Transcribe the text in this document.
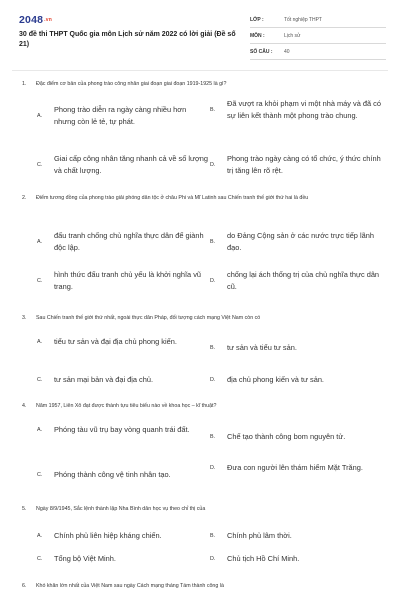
2048.vn
30 đề thi THPT Quốc gia môn Lịch sử năm 2022 có lời giải (Đề số 21)
LỚP :	Tốt nghiệp THPT
MÔN :	Lịch sử
SỐ CÂU : 40
1.	Đặc điểm cơ bản của phong trào công nhân giai đoạn giai đoạn 1919-1925 là gì?
A.
Phong trào diễn ra ngày càng nhiều hơn nhưng còn lẻ tẻ, tự phát.
B.
Đã vượt ra khỏi phạm vi một nhà máy và đã có sự liên kết thành một phong trào chung.
C.
Giai cấp công nhân tăng nhanh cả về số lượng và chất lượng.
D.
Phong trào ngày càng có tổ chức, ý thức chính trị tăng lên rõ rệt.
2.	Điểm tương đồng của phong trào giải phóng dân tộc ở châu Phi và Mĩ Latinh sau Chiến tranh thế giới thứ hai là đều
A.
đấu tranh chống chủ nghĩa thực dân để giành độc lập.
B.
do Đảng Cộng sản ở các nước trực tiếp lãnh đạo.
C.
hình thức đấu tranh chủ yếu là khởi nghĩa vũ trang.
D.
chống lại ách thống trị của chủ nghĩa thực dân cũ.
3.	Sau Chiến tranh thế giới thứ nhất, ngoài thực dân Pháp, đối tượng cách mạng Việt Nam còn có
A.	tiểu tư sản và đại địa chủ phong kiến.
B.	tư sản và tiểu tư sản.
C.	tư sản mại bản và đại địa chủ.	D.	địa chủ phong kiến và tư sản.
4.	Năm 1957, Liên Xô đạt được thành tựu tiêu biểu nào về khoa học – kĩ thuật?
A.	Phóng tàu vũ trụ bay vòng quanh trái đất.
B.	Chế tạo thành công bom nguyên tử.
C.	Phóng thành công vệ tinh nhân tạo.
D.	Đưa con người lên thám hiểm Mặt Trăng.
5.	Ngày 8/9/1945, Sắc lệnh thành lập Nha Bình dân học vụ theo chỉ thị của
A.	Chính phủ liên hiệp kháng chiến.	B.	Chính phủ lâm thời.
C.	Tổng bộ Việt Minh.	D.	Chủ tịch Hồ Chí Minh.
6.	Khó khăn lớn nhất của Việt Nam sau ngày Cách mạng tháng Tám thành công là
